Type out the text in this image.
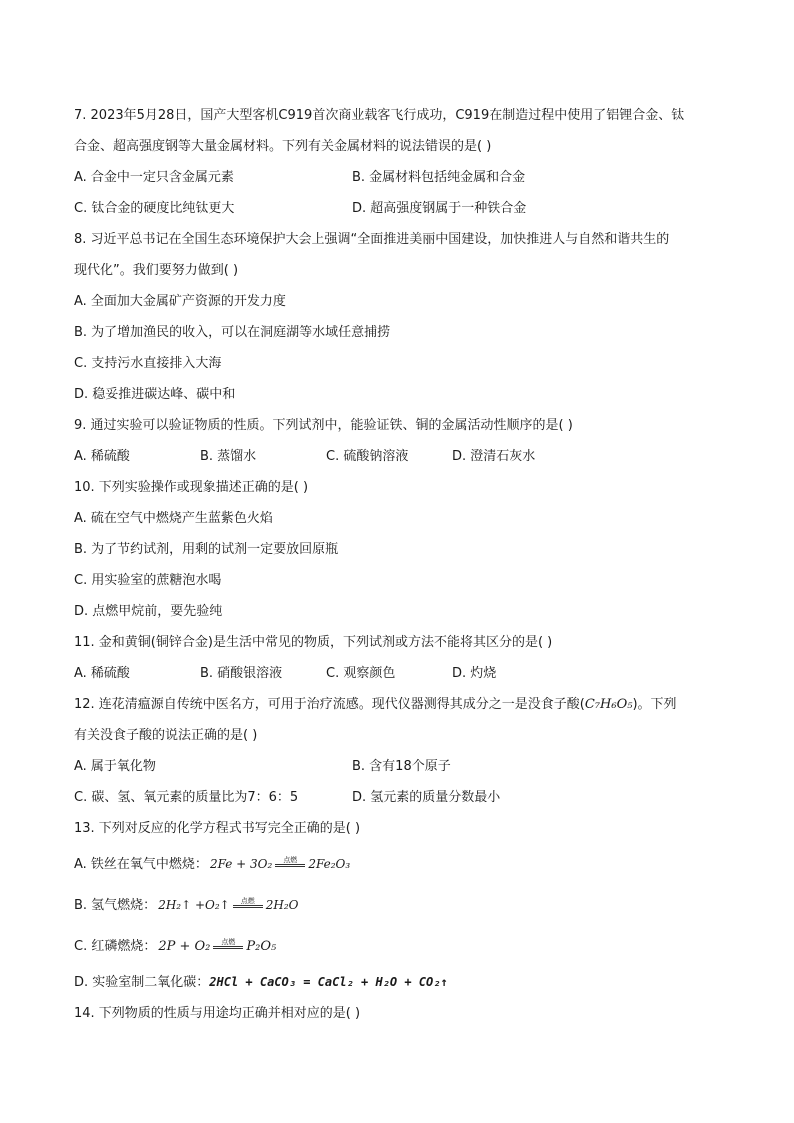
7. 2023年5月28日，国产大型客机C919首次商业载客飞行成功，C919在制造过程中使用了铝锂合金、钛
合金、超高强度钢等大量金属材料。下列有关金属材料的说法错误的是( )
A. 合金中一定只含金属元素	B. 金属材料包括纯金属和合金
C. 钛合金的硬度比纯钛更大	D. 超高强度钢属于一种铁合金
8. 习近平总书记在全国生态环境保护大会上强调“全面推进美丽中国建设，加快推进人与自然和谐共生的
现代化”。我们要努力做到( )
A. 全面加大金属矿产资源的开发力度
B. 为了增加渔民的收入，可以在洞庭湖等水域任意捕捞
C. 支持污水直接排入大海
D. 稳妥推进碳达峰、碳中和
9. 通过实验可以验证物质的性质。下列试剂中，能验证铁、铜的金属活动性顺序的是( )
A. 稀硫酸	B. 蒸馏水	C. 硫酸钠溶液	D. 澄清石灰水
10. 下列实验操作或现象描述正确的是( )
A. 硫在空气中燃烧产生蓝紫色火焰
B. 为了节约试剂，用剩的试剂一定要放回原瓶
C. 用实验室的蔗糖泡水喝
D. 点燃甲烷前，要先验纯
11. 金和黄铜(铜锌合金)是生活中常见的物质，下列试剂或方法不能将其区分的是( )
A. 稀硫酸	B. 硝酸银溶液	C. 观察颜色	D. 灼烧
12. 连花清瘟源自传统中医名方，可用于治疗流感。现代仪器测得其成分之一是没食子酸(C₇H₆O₅)。下列
有关没食子酸的说法正确的是( )
A. 属于氧化物	B. 含有18个原子
C. 碳、氢、氧元素的质量比为7：6：5	D. 氢元素的质量分数最小
13. 下列对反应的化学方程式书写完全正确的是( )
A. 铁丝在氧气中燃烧： 2Fe + 3O₂ 点燃 2Fe₂O₃
B. 氢气燃烧： 2H₂↑ +O₂↑ 点燃 2H₂O
C. 红磷燃烧： 2P + O₂ 点燃 P₂O₅
D. 实验室制二氧化碳：2HCl + CaCO₃ = CaCl₂ + H₂O + CO₂↑
14. 下列物质的性质与用途均正确并相对应的是( )
